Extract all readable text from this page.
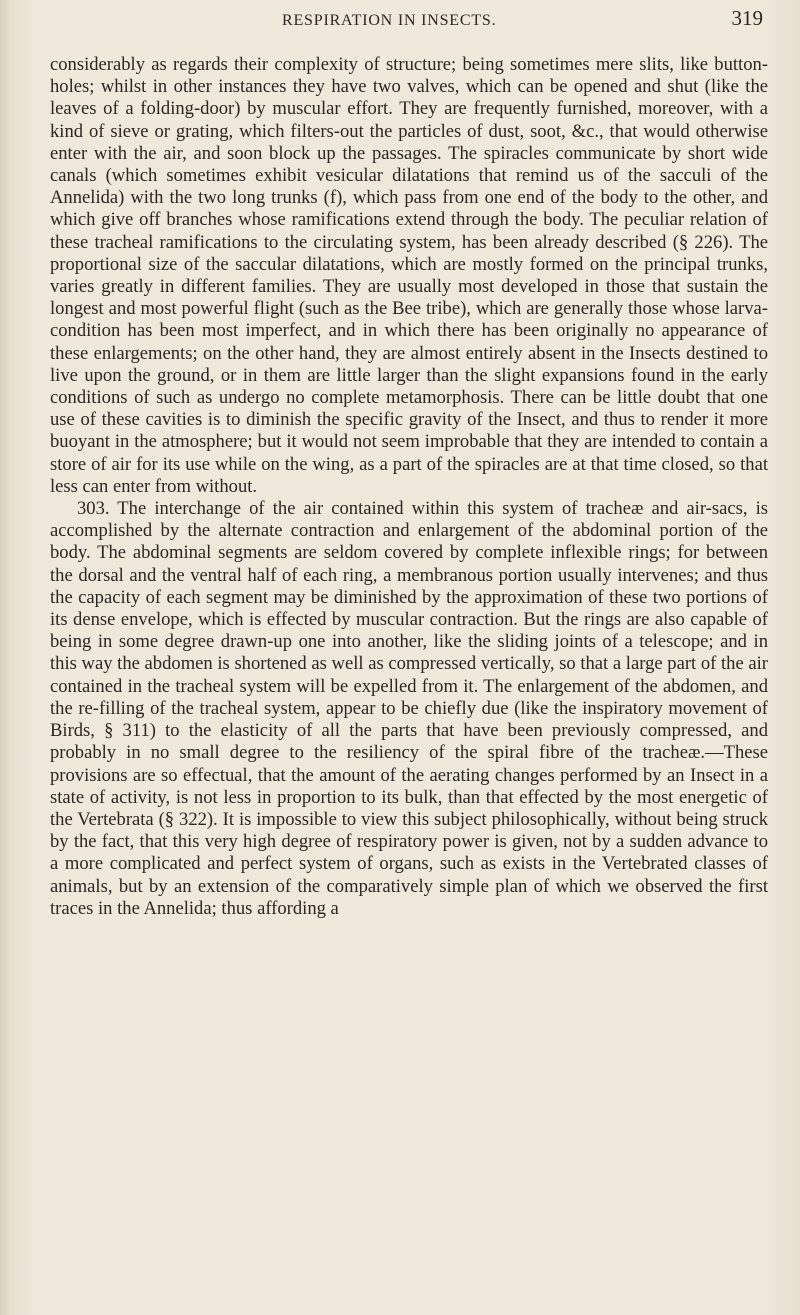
RESPIRATION IN INSECTS.	319

considerably as regards their complexity of structure; being sometimes mere slits, like button-holes; whilst in other instances they have two valves, which can be opened and shut (like the leaves of a folding-door) by muscular effort. They are frequently furnished, moreover, with a kind of sieve or grating, which filters-out the particles of dust, soot, &c., that would otherwise enter with the air, and soon block up the passages. The spiracles communicate by short wide canals (which sometimes exhibit vesicular dilatations that remind us of the sacculi of the Annelida) with the two long trunks (f), which pass from one end of the body to the other, and which give off branches whose ramifications extend through the body. The peculiar relation of these tracheal ramifications to the circulating system, has been already described (§ 226). The proportional size of the saccular dilatations, which are mostly formed on the principal trunks, varies greatly in different families. They are usually most developed in those that sustain the longest and most powerful flight (such as the Bee tribe), which are generally those whose larva-condition has been most imperfect, and in which there has been originally no appearance of these enlargements; on the other hand, they are almost entirely absent in the Insects destined to live upon the ground, or in them are little larger than the slight expansions found in the early conditions of such as undergo no complete metamorphosis. There can be little doubt that one use of these cavities is to diminish the specific gravity of the Insect, and thus to render it more buoyant in the atmosphere; but it would not seem improbable that they are intended to contain a store of air for its use while on the wing, as a part of the spiracles are at that time closed, so that less can enter from without.

303. The interchange of the air contained within this system of tracheæ and air-sacs, is accomplished by the alternate contraction and enlargement of the abdominal portion of the body. The abdominal segments are seldom covered by complete inflexible rings; for between the dorsal and the ventral half of each ring, a membranous portion usually intervenes; and thus the capacity of each segment may be diminished by the approximation of these two portions of its dense envelope, which is effected by muscular contraction. But the rings are also capable of being in some degree drawn-up one into another, like the sliding joints of a telescope; and in this way the abdomen is shortened as well as compressed vertically, so that a large part of the air contained in the tracheal system will be expelled from it. The enlargement of the abdomen, and the re-filling of the tracheal system, appear to be chiefly due (like the inspiratory movement of Birds, § 311) to the elasticity of all the parts that have been previously compressed, and probably in no small degree to the resiliency of the spiral fibre of the tracheæ.—These provisions are so effectual, that the amount of the aerating changes performed by an Insect in a state of activity, is not less in proportion to its bulk, than that effected by the most energetic of the Vertebrata (§ 322). It is impossible to view this subject philosophically, without being struck by the fact, that this very high degree of respiratory power is given, not by a sudden advance to a more complicated and perfect system of organs, such as exists in the Vertebrated classes of animals, but by an extension of the comparatively simple plan of which we observed the first traces in the Annelida; thus affording a
